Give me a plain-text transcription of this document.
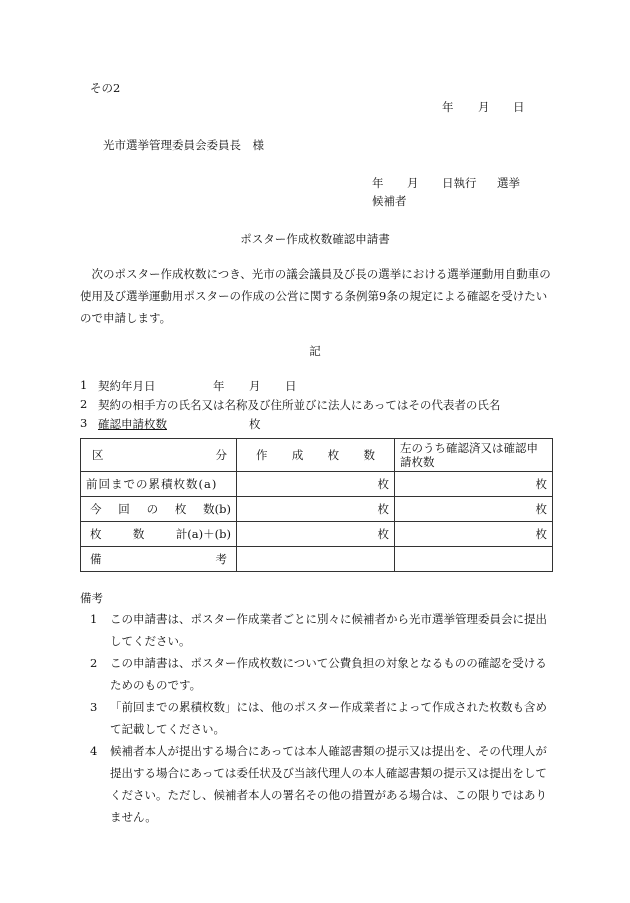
その2
年 月 日
光市選挙管理委員会委員長　様
年 月 日執行 選挙
候補者
ポスター作成枚数確認申請書
次のポスター作成枚数につき、光市の議会議員及び長の選挙における選挙運動用自動車の使用及び選挙運動用ポスターの作成の公営に関する条例第9条の規定による確認を受けたいので申請します。
記
1 契約年月日	年 月 日
2 契約の相手方の氏名又は名称及び住所並びに法人にあってはその代表者の氏名
3 確認申請枚数	枚
区 分	作 成 枚 数	左のうち確認済又は確認申請枚数
前回までの累積枚数(a)	枚	枚

今 回 の 枚 数(b)	枚	枚

枚 数 計(a)＋(b)	枚	枚

備 考		

備考
1	この申請書は、ポスター作成業者ごとに別々に候補者から光市選挙管理委員会に提出してください。
2	この申請書は、ポスター作成枚数について公費負担の対象となるものの確認を受けるためのものです。
3	「前回までの累積枚数」には、他のポスター作成業者によって作成された枚数も含めて記載してください。
4	候補者本人が提出する場合にあっては本人確認書類の提示又は提出を、その代理人が提出する場合にあっては委任状及び当該代理人の本人確認書類の提示又は提出をしてください。ただし、候補者本人の署名その他の措置がある場合は、この限りではありません。
